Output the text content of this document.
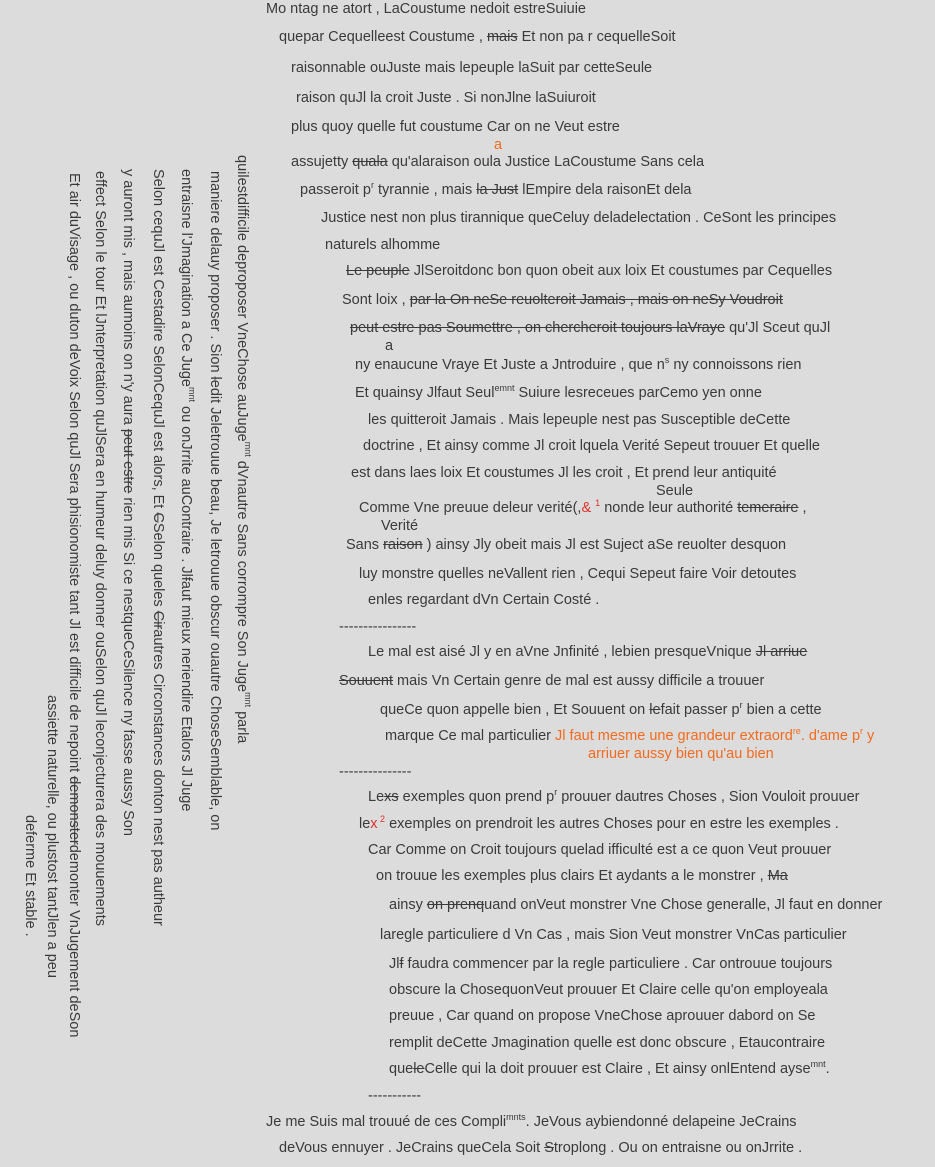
Mo ntag ne atort , LaCoustume nedoit estreSuiuie
quepar Cequelleest Coustume , mais Et non pa r cequelleSoit
raisonnable ouJuste mais lepeuple laSuit par cetteSeule
raison quJl la croit Juste . Si nonJlne laSuiuroit
plus quoy quelle fut coustume Car on ne Veut estre
a
assujetty quala qu'alaraison oula Justice LaCoustume Sans cela
passeroit $p^r$ tyrannie , mais la Just lEmpire dela raisonEt dela
Justice nest non plus tirannique queCeluy deladelectation . CeSont les principes
naturels alhomme
Le peuple JlSeroitdonc bon quon obeit aux loix Et coustumes par Cequelles
Sont loix , par la On neSe reuolteroit Jamais , mais on neSy Voudroit
peut estre pas Soumettre , on chercheroit toujours laVraye qu'Jl Sceut quJl
a
ny enaucune Vraye Et Juste a Jntroduire , que $n^s$ ny connoissons rien
Et quainsy Jlfaut Seul$^{emnt}$ Suiure lesreceues parCemo yen onne
les quitteroit Jamais . Mais lepeuple nest pas Susceptible deCette
doctrine , Et ainsy comme Jl croit lquela Verité Sepeut trouuer Et quelle
est dans laes loix Et coustumes Jl les croit , Et prend leur antiquité
Seule
Comme Vne preuue deleur verité(,& $^1$ nonde leur authorité temeraire ,
Verité
Sans raison ) ainsy Jly obeit mais Jl est Suject aSe reuolter desquon
luy monstre quelles neVallent rien , Cequi Sepeut faire Voir detoutes
enles regardant dVn Certain Costé .
----------------
Le mal est aisé Jl y en aVne Jnfinité , lebien presqueVnique Jl arriue
Souuent mais Vn Certain genre de mal est aussy difficile a trouuer
queCe quon appelle bien , Et Souuent on lefait passer $p^r$ bien a cette
marque Ce mal particulier Jl faut mesme une grandeur extraord$^{re}$. d'ame $p^r$ y
arriuer aussy bien qu'au bien
---------------
Lexs exemples quon prend $p^r$ prouuer dautres Choses , Sion Vouloit prouuer
lex $^2$ exemples on prendroit les autres Choses pour en estre les exemples .
Car Comme on Croit toujours quelad ifficulté est a ce quon Veut prouuer
on trouue les exemples plus clairs Et aydants a le monstrer , Ma
ainsy on prenquand onVeut monstrer Vne Chose generalle, Jl faut en donner
laregle particuliere d Vn Cas , mais Sion Veut monstrer VnCas particulier
Jlf faudra commencer par la regle particuliere . Car ontrouue toujours
obscure la ChosequonVeut prouuer Et Claire celle qu'on employeala
preuue , Car quand on propose VneChose aprouuer dabord on Se
remplit deCette Jmagination quelle est donc obscure , Etaucontraire
queleCelle qui la doit prouuer est Claire , Et ainsy onlEntend ayse$^{mnt}$.
-----------
Je me Suis mal trouué de ces Compli$^{mnts}$. JeVous aybiendonné delapeine JeCrains
deVous ennuyer . JeCrains queCela Soit Stroplong . Ou on entraisne ou onJrrite .
quilestdifficile deproposer VneChose auJuge$^{mnt}$ dVnautre Sans corrompre Son Juge$^{mnt}$ parla
maniere delauy proposer . Sion ledit Jeletrouue beau, Je letrouue obscur ouautre ChoseSemblable, on
entraisne l'Jmagination a Ce Juge$^{mnt}$ ou onJrrite auContraire . Jlfaut mieux neriendire Etalors Jl Juge
Selon cequJl est Cestadire SelonCequJl est alors, Et CSelon queles Cirautres Circonstances donton nest pas autheur
y auront mis , mais aumoins on n'y aura peut estre rien mis Si ce nestqueCeSilence ny fasse aussy Son
effect Selon le tour Et lJnterpretation quJlSera en humeur deluy donner ouSelon quJl leconjecturera des mouuements
Et air duVisage , ou duton deVoix Selon quJl Sera phisionomiste tant Jl est difficile de nepoint demonsterdemonter VnJugement deSon
assiette naturelle, ou plustost tantJlen a peu
deferme Et stable .
